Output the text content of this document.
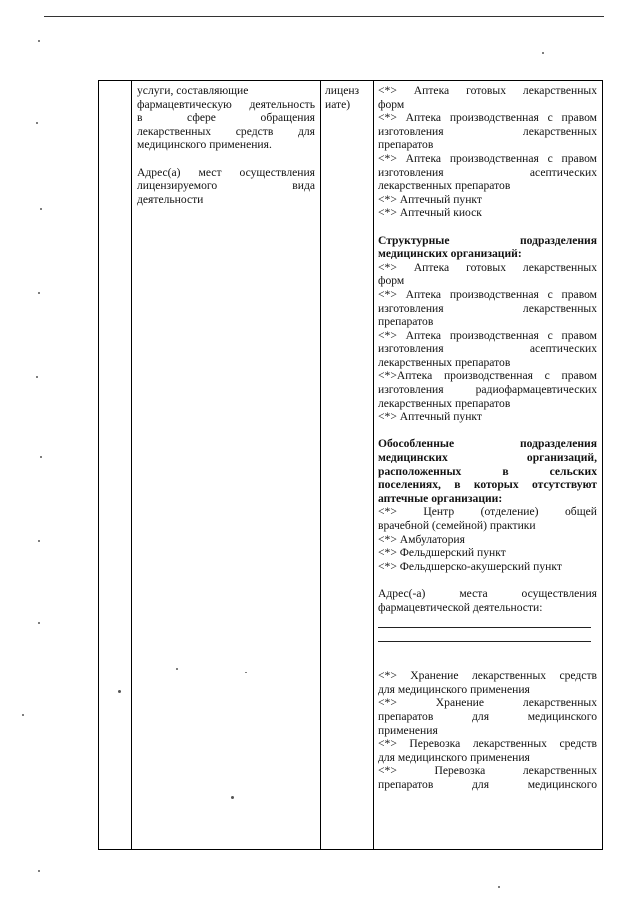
услуги, составляющие

фармацевтическую деятельность

в сфере обращения

лекарственных средств для

медицинского применения.

Адрес(а) мест осуществления

лицензируемого вида

деятельности

лиценз

иате)

<*> Аптека готовых лекарственных

форм

<*> Аптека производственная с правом

изготовления лекарственных

препаратов

<*> Аптека производственная с правом

изготовления асептических

лекарственных препаратов

<*> Аптечный пункт

<*> Аптечный киоск

Структурные подразделения

медицинских организаций:

<*> Аптека готовых лекарственных

форм

<*> Аптека производственная с правом

изготовления лекарственных

препаратов

<*> Аптека производственная с правом

изготовления асептических

лекарственных препаратов

<*>Аптека производственная с правом

изготовления радиофармацевтических

лекарственных препаратов

<*> Аптечный пункт

Обособленные подразделения

медицинских организаций,

расположенных в сельских

поселениях, в которых отсутствуют

аптечные организации:

<*> Центр (отделение) общей

врачебной (семейной) практики

<*> Амбулатория

<*> Фельдшерский пункт

<*> Фельдшерско-акушерский пункт

Адрес(-а) места осуществления

фармацевтической деятельности:

<*> Хранение лекарственных средств

для медицинского применения

<*> Хранение лекарственных

препаратов для медицинского

применения

<*> Перевозка лекарственных средств

для медицинского применения

<*> Перевозка лекарственных

препаратов для медицинского
